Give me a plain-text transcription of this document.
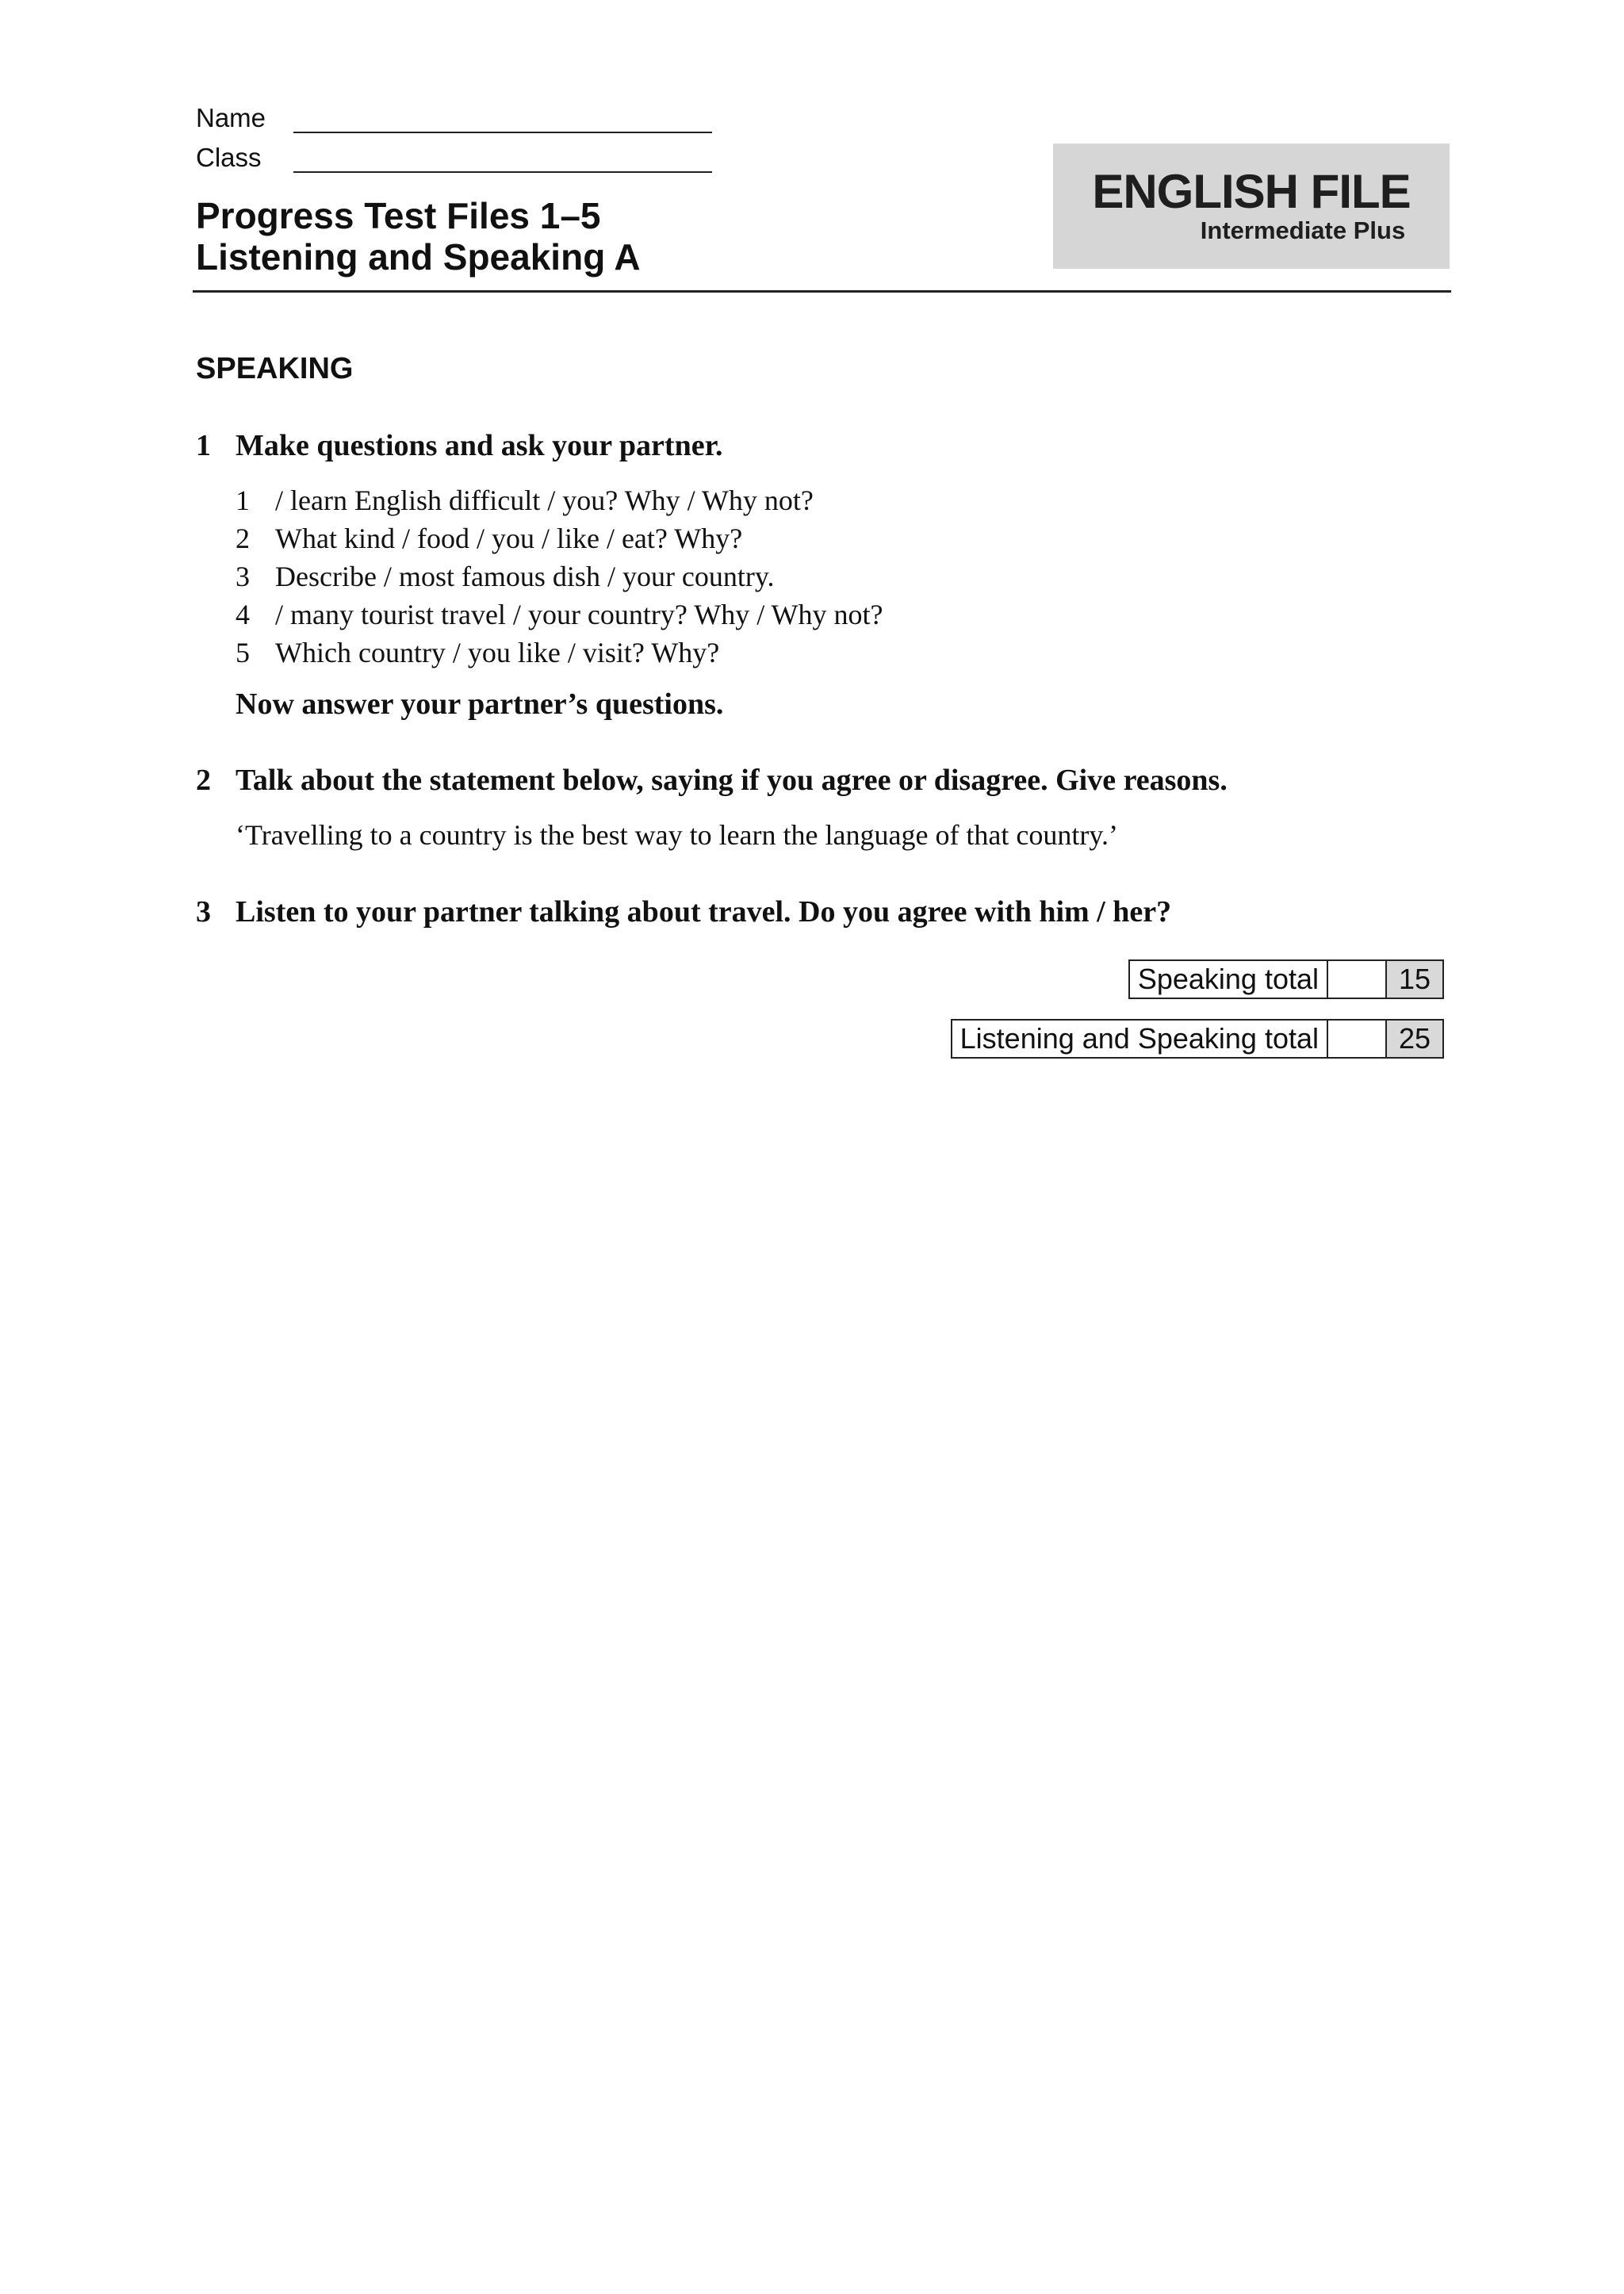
Name
Class
Progress Test Files 1–5
Listening and Speaking A
ENGLISH FILE
Intermediate Plus
SPEAKING
1 Make questions and ask your partner.
1 / learn English difficult / you? Why / Why not?
2 What kind / food / you / like / eat? Why?
3 Describe / most famous dish / your country.
4 / many tourist travel / your country? Why / Why not?
5 Which country / you like / visit? Why?
Now answer your partner’s questions.
2 Talk about the statement below, saying if you agree or disagree. Give reasons.
‘Travelling to a country is the best way to learn the language of that country.’
3 Listen to your partner talking about travel. Do you agree with him / her?
Speaking total	15
Listening and Speaking total	25
